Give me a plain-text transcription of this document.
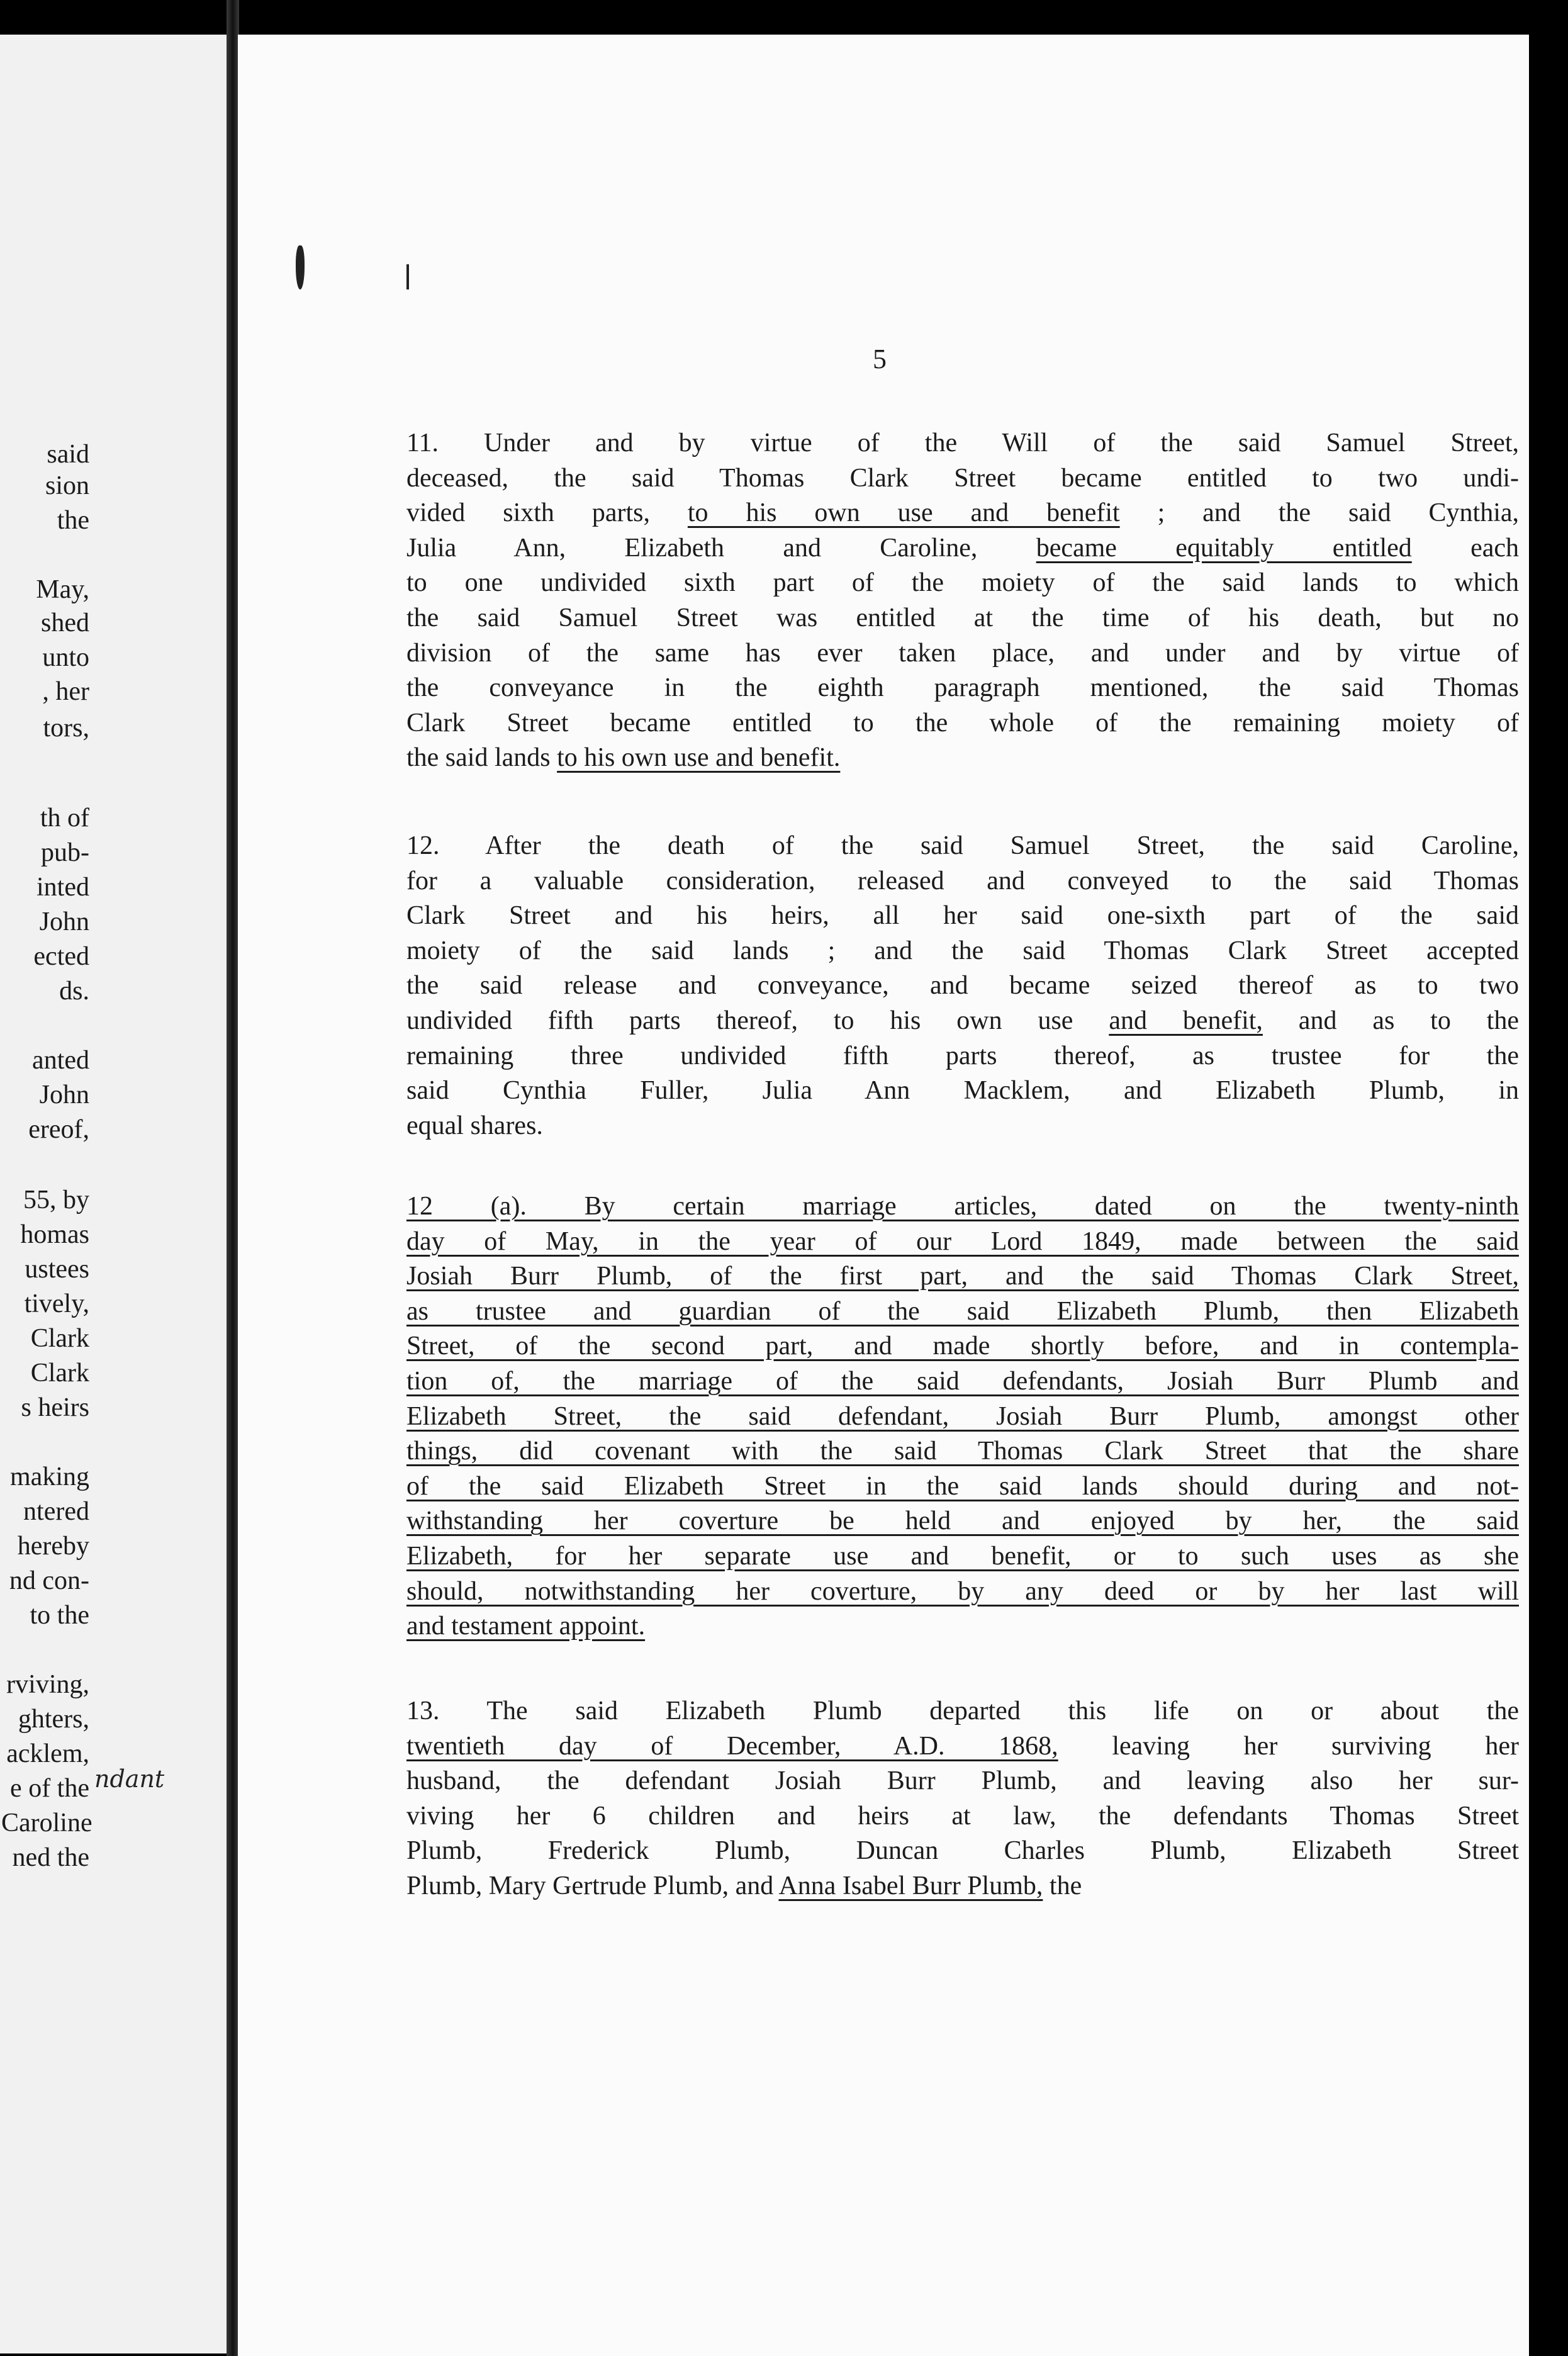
said
sion
the
May,
shed
unto
, her
tors,
th of
pub-
inted
John
ected
ds.
anted
John
ereof,
55, by
homas
ustees
tively,
Clark
Clark
s heirs
making
ntered
hereby
nd con-
to the
rviving,
ghters,
acklem,
e of the
Caroline
ned the
ndant
5
11. Under and by virtue of the Will of the said Samuel Street,
deceased, the said Thomas Clark Street became entitled to two undi-
vided sixth parts, to his own use and benefit ; and the said Cynthia,
Julia Ann, Elizabeth and Caroline, became equitably entitled each
to one undivided sixth part of the moiety of the said lands to which
the said Samuel Street was entitled at the time of his death, but no
division of the same has ever taken place, and under and by virtue of
the conveyance in the eighth paragraph mentioned, the said Thomas
Clark Street became entitled to the whole of the remaining moiety of
the said lands to his own use and benefit.
12. After the death of the said Samuel Street, the said Caroline,
for a valuable consideration, released and conveyed to the said Thomas
Clark Street and his heirs, all her said one-sixth part of the said
moiety of the said lands ; and the said Thomas Clark Street accepted
the said release and conveyance, and became seized thereof as to two
undivided fifth parts thereof, to his own use and benefit, and as to the
remaining three undivided fifth parts thereof, as trustee for the
said Cynthia Fuller, Julia Ann Macklem, and Elizabeth Plumb, in
equal shares.
12 (a). By certain marriage articles, dated on the twenty-ninth
day of May, in the year of our Lord 1849, made between the said
Josiah Burr Plumb, of the first part, and the said Thomas Clark Street,
as trustee and guardian of the said Elizabeth Plumb, then Elizabeth
Street, of the second part, and made shortly before, and in contempla-
tion of, the marriage of the said defendants, Josiah Burr Plumb and
Elizabeth Street, the said defendant, Josiah Burr Plumb, amongst other
things, did covenant with the said Thomas Clark Street that the share
of the said Elizabeth Street in the said lands should during and not-
withstanding her coverture be held and enjoyed by her, the said
Elizabeth, for her separate use and benefit, or to such uses as she
should, notwithstanding her coverture, by any deed or by her last will
and testament appoint.
13. The said Elizabeth Plumb departed this life on or about the
twentieth day of December, A.D. 1868, leaving her surviving her
husband, the defendant Josiah Burr Plumb, and leaving also her sur-
viving her 6 children and heirs at law, the defendants Thomas Street
Plumb, Frederick Plumb, Duncan Charles Plumb, Elizabeth Street
Plumb, Mary Gertrude Plumb, and Anna Isabel Burr Plumb, the
